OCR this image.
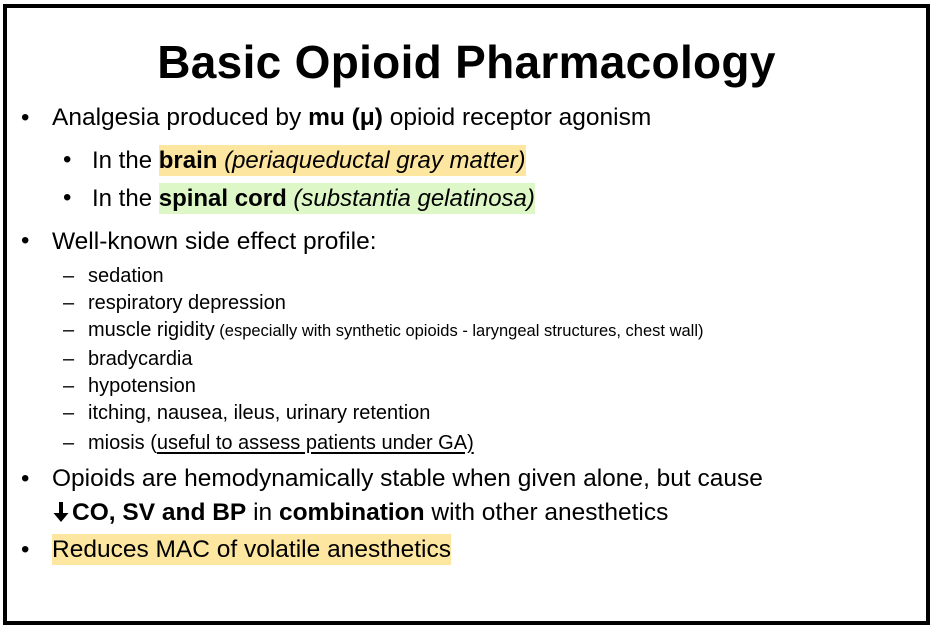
Basic Opioid Pharmacology
• Analgesia produced by mu (μ) opioid receptor agonism
• In the brain (periaqueductal gray matter)
• In the spinal cord (substantia gelatinosa)
• Well-known side effect profile:
– sedation
– respiratory depression
– muscle rigidity (especially with synthetic opioids - laryngeal structures, chest wall)
– bradycardia
– hypotension
– itching, nausea, ileus, urinary retention
– miosis (useful to assess patients under GA)
• Opioids are hemodynamically stable when given alone, but cause
CO, SV and BP in combination with other anesthetics
• Reduces MAC of volatile anesthetics
